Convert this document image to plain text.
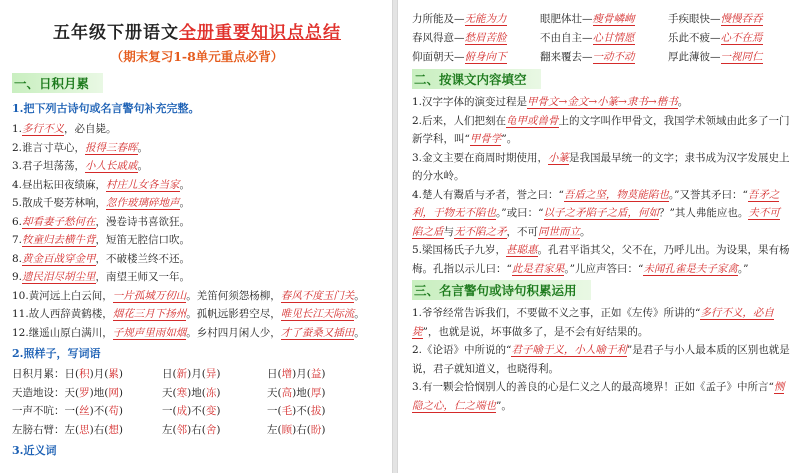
五年级下册语文全册重要知识点总结
（期末复习1-8单元重点必背）
一、日积月累
1.把下列古诗句或名言警句补充完整。
1.多行不义，必自毙。
2.谁言寸草心，报得三春晖。
3.君子坦荡荡，小人长戚戚。
4.昼出耘田夜绩麻，村庄儿女各当家。
5.散成千娶芳林响，忽作玻璃碎地声。
6.却看妻子愁何在，漫卷诗书喜欲狂。
7.牧童归去横牛背，短笛无腔信口吹。
8.黄金百战穿金甲，不破楼兰终不还。
9.遗民泪尽胡尘里，南望王师又一年。
10.黄河远上白云间，一片孤城万仞山。羌笛何须怨杨柳，春风不度玉门关。
11.故人西辞黄鹤楼，烟花三月下扬州。孤帆远影碧空尽，唯见长江天际流。
12.继遥山原白满川，子规声里雨如烟。乡村四月闲人少，才了蚕桑又插田。
2.照样子，写词语
日积月累：日(积)月(累)	日(新)月(异)	日(增)月(益)
天造地设：天(罗)地(网)	天(寒)地(冻)	天(高)地(厚)
一声不吭：一(丝)不(苟)	一(成)不(变)	一(毛)不(拔)
左膀右臂：左(思)右(想)	左(邻)右(舍)	左(顾)右(盼)
3.近义词
力所能及—无能为力	眼肥体壮—瘦骨嶙峋	手疾眼快—慢慢吞吞
春风得意—愁眉苦脸	不由自主—心甘情愿	乐此不疲—心不在焉
仰面朝天—俯身向下	翻来覆去—一动不动	厚此薄彼—一视同仁
二、按课文内容填空
1.汉字字体的演变过程是甲骨文→金文→小篆→隶书→楷书。
2.后来，人们把刻在龟甲或兽骨上的文字叫作甲骨文，我国学术领域由此多了一门新学科，叫“甲骨学”。
3.金文主要在商周时期使用，小篆是我国最早统一的文字；隶书成为汉字发展史上的分水岭。
4.楚人有鬻盾与矛者，誉之曰：“吾盾之坚，物莫能陷也。”又誉其矛曰：“吾矛之利，于物无不陷也。”或曰：“以子之矛陷子之盾，何如？”其人弗能应也。夫不可陷之盾与无不陷之矛，不可同世而立。
5.梁国杨氏子九岁，甚聪惠。孔君平诣其父，父不在，乃呼儿出。为设果，果有杨梅。孔指以示儿曰：“此是君家果。”儿应声答曰：“未闻孔雀是夫子家禽。”
三、名言警句或诗句积累运用
1.爷爷经常告诉我们，不要做不义之事，正如《左传》所讲的“多行不义，必自毙”，也就是说，坏事做多了，是不会有好结果的。
2.《论语》中所说的“君子喻于义，小人喻于利”是君子与小人最本质的区别也就是说，君子就知道义，也晓得利。
3.有一颗会恰悯别人的善良的心是仁义之人的最高境界！正如《孟子》中所言“恻隐之心，仁之端也”。
